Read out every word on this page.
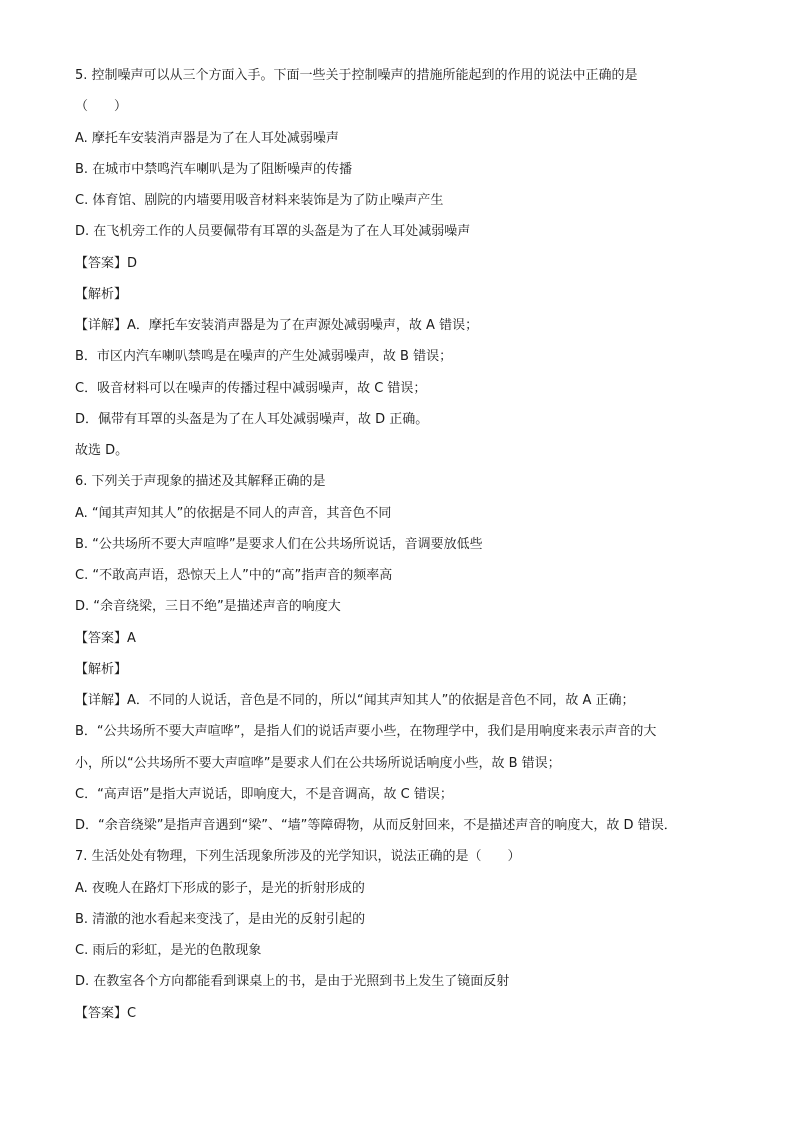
5. 控制噪声可以从三个方面入手。下面一些关于控制噪声的措施所能起到的作用的说法中正确的是
（　　）
A. 摩托车安装消声器是为了在人耳处减弱噪声
B. 在城市中禁鸣汽车喇叭是为了阻断噪声的传播
C. 体育馆、剧院的内墙要用吸音材料来装饰是为了防止噪声产生
D. 在飞机旁工作的人员要佩带有耳罩的头盔是为了在人耳处减弱噪声
【答案】D
【解析】
【详解】A．摩托车安装消声器是为了在声源处减弱噪声，故 A 错误；
B．市区内汽车喇叭禁鸣是在噪声的产生处减弱噪声，故 B 错误；
C．吸音材料可以在噪声的传播过程中减弱噪声，故 C 错误；
D．佩带有耳罩的头盔是为了在人耳处减弱噪声，故 D 正确。
故选 D。
6. 下列关于声现象的描述及其解释正确的是
A. “闻其声知其人”的依据是不同人的声音，其音色不同
B. “公共场所不要大声喧哗”是要求人们在公共场所说话，音调要放低些
C. “不敢高声语，恐惊天上人”中的“高”指声音的频率高
D. “余音绕梁，三日不绝”是描述声音的响度大
【答案】A
【解析】
【详解】A．不同的人说话，音色是不同的，所以“闻其声知其人”的依据是音色不同，故 A 正确；
B．“公共场所不要大声喧哗”，是指人们的说话声要小些，在物理学中，我们是用响度来表示声音的大
小，所以“公共场所不要大声喧哗”是要求人们在公共场所说话响度小些，故 B 错误；
C．“高声语”是指大声说话，即响度大，不是音调高，故 C 错误；
D．“余音绕梁”是指声音遇到“梁”、“墙”等障碍物，从而反射回来，不是描述声音的响度大，故 D 错误．
7. 生活处处有物理，下列生活现象所涉及的光学知识，说法正确的是（　　）
A. 夜晚人在路灯下形成的影子，是光的折射形成的
B. 清澈的池水看起来变浅了，是由光的反射引起的
C. 雨后的彩虹，是光的色散现象
D. 在教室各个方向都能看到课桌上的书，是由于光照到书上发生了镜面反射
【答案】C
